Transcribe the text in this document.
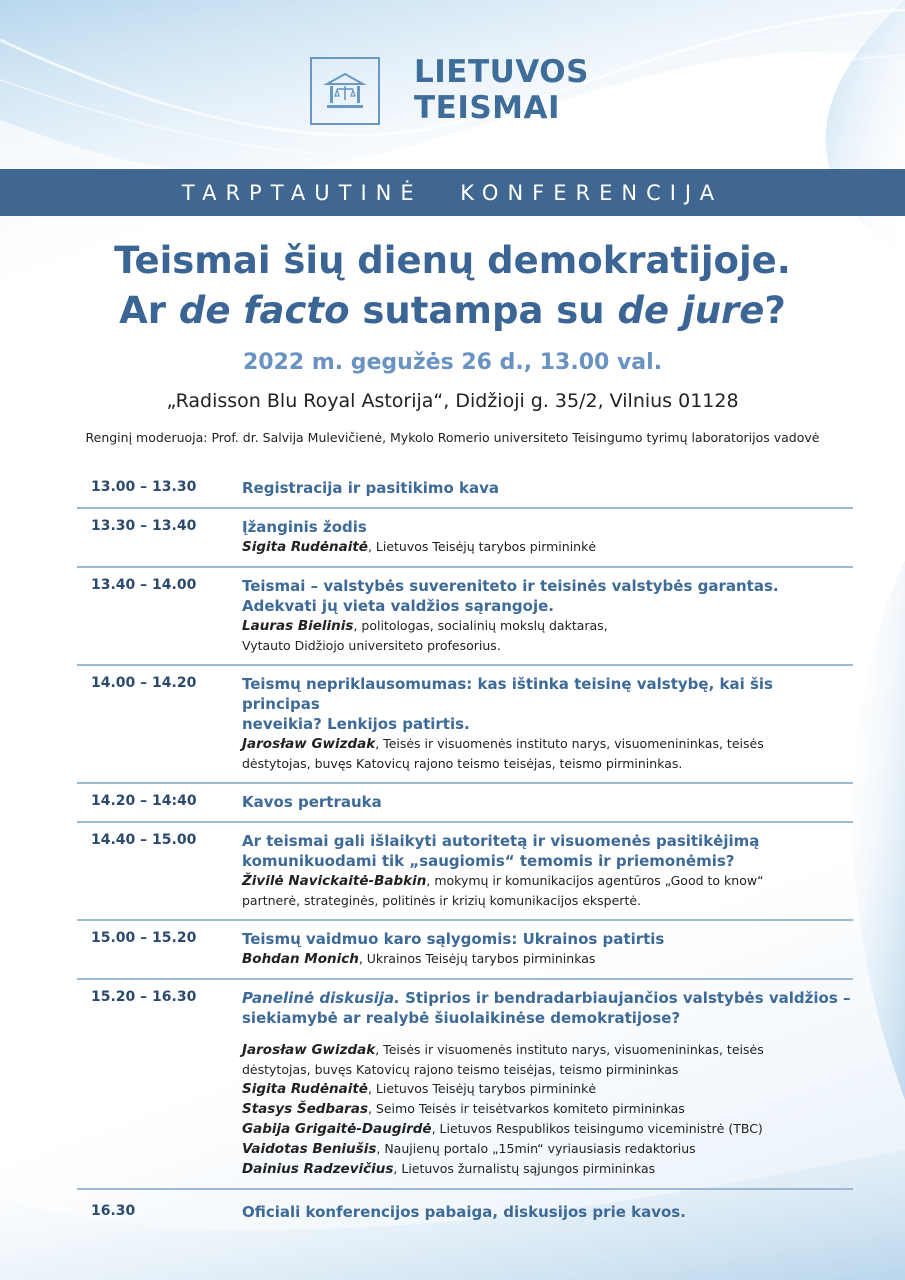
LIETUVOS
TEISMAI
TARPTAUTINĖ KONFERENCIJA
Teismai šių dienų demokratijoje.
Ar de facto sutampa su de jure?
2022 m. gegužės 26 d., 13.00 val.
„Radisson Blu Royal Astorija“, Didžioji g. 35/2, Vilnius 01128
Renginį moderuoja: Prof. dr. Salvija Mulevičienė, Mykolo Romerio universiteto Teisingumo tyrimų laboratorijos vadovė
13.00 – 13.30	Registracija ir pasitikimo kava
13.30 – 13.40	Įžanginis žodis
Sigita Rudėnaitė, Lietuvos Teisėjų tarybos pirmininkė
13.40 – 14.00	Teismai – valstybės suvereniteto ir teisinės valstybės garantas.
Adekvati jų vieta valdžios sąrangoje.
Lauras Bielinis, politologas, socialinių mokslų daktaras,
Vytauto Didžiojo universiteto profesorius.
14.00 – 14.20	Teismų nepriklausomumas: kas ištinka teisinę valstybę, kai šis principas
neveikia? Lenkijos patirtis.
Jarosław Gwizdak, Teisės ir visuomenės instituto narys, visuomenininkas, teisės
dėstytojas, buvęs Katovicų rajono teismo teisėjas, teismo pirmininkas.
14.20 – 14:40	Kavos pertrauka
14.40 – 15.00	Ar teismai gali išlaikyti autoritetą ir visuomenės pasitikėjimą
komunikuodami tik „saugiomis“ temomis ir priemonėmis?
Živilė Navickaitė-Babkin, mokymų ir komunikacijos agentūros „Good to know“
partnerė, strateginės, politinės ir krizių komunikacijos ekspertė.
15.00 – 15.20	Teismų vaidmuo karo sąlygomis: Ukrainos patirtis
Bohdan Monich, Ukrainos Teisėjų tarybos pirmininkas
15.20 – 16.30	Panelinė diskusija. Stiprios ir bendradarbiaujančios valstybės valdžios –
siekiamybė ar realybė šiuolaikinėse demokratijose?
Jarosław Gwizdak, Teisės ir visuomenės instituto narys, visuomenininkas, teisės
dėstytojas, buvęs Katovicų rajono teismo teisėjas, teismo pirmininkas
Sigita Rudėnaitė, Lietuvos Teisėjų tarybos pirmininkė
Stasys Šedbaras, Seimo Teisės ir teisėtvarkos komiteto pirmininkas
Gabija Grigaitė-Daugirdė, Lietuvos Respublikos teisingumo viceministrė (TBC)
Vaidotas Beniušis, Naujienų portalo „15min“ vyriausiasis redaktorius
Dainius Radzevičius, Lietuvos žurnalistų sąjungos pirmininkas
16.30	Oficiali konferencijos pabaiga, diskusijos prie kavos.
